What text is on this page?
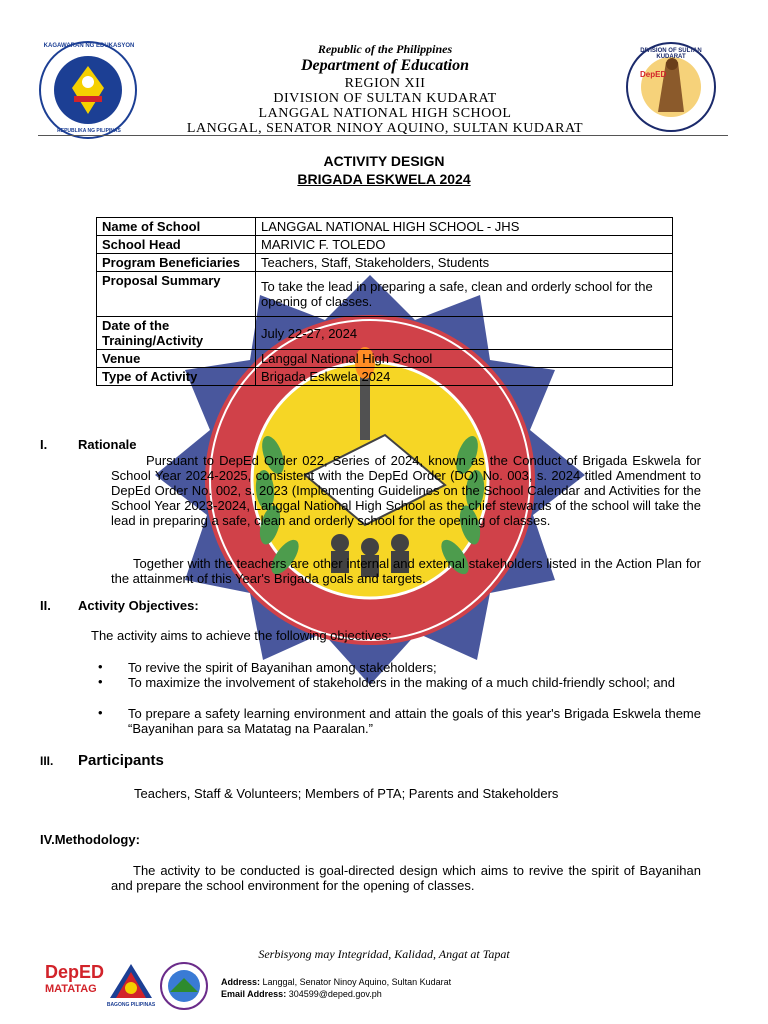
KAGAWARAN NG EDUKASYON
REPUBLIKA NG PILIPINAS
DIVISION OF SULTAN KUDARAT
DepED
Republic of the Philippines
Department of Education
REGION XII
DIVISION OF SULTAN KUDARAT
LANGGAL NATIONAL HIGH SCHOOL
LANGGAL, SENATOR NINOY AQUINO, SULTAN KUDARAT
ACTIVITY DESIGN
BRIGADA ESKWELA 2024
Name of School	LANGGAL NATIONAL HIGH SCHOOL - JHS
School Head	MARIVIC F. TOLEDO
Program Beneficiaries	Teachers, Staff, Stakeholders, Students
Proposal Summary	To take the lead in preparing a safe, clean and orderly school for the opening of classes.
Date of the Training/Activity	July 22-27, 2024
Venue	Langgal National High School
Type of Activity	Brigada Eskwela 2024
I. Rationale
Pursuant to DepEd Order 022, Series of 2024, known as the Conduct of Brigada Eskwela for School Year 2024-2025, consistent with the DepEd Order (DO) No. 003, s. 2024 titled Amendment to DepEd Order No. 002, s. 2023 (Implementing Guidelines on the School Calendar and Activities for the School Year 2023-2024, Langgal National High School as the chief stewards of the school will take the lead in preparing a safe, clean and orderly school for the opening of classes.
Together with the teachers are other internal and external stakeholders listed in the Action Plan for the attainment of this Year's Brigada goals and targets.
II. Activity Objectives:
The activity aims to achieve the following objectives:
• To revive the spirit of Bayanihan among stakeholders;
• To maximize the involvement of stakeholders in the making of a much child-friendly school; and
• To prepare a safety learning environment and attain the goals of this year's Brigada Eskwela theme “Bayanihan para sa Matatag na Paaralan.”
III. Participants
Teachers, Staff & Volunteers; Members of PTA; Parents and Stakeholders
IV.Methodology:
The activity to be conducted is goal-directed design which aims to revive the spirit of Bayanihan and prepare the school environment for the opening of classes.
Serbisyong may Integridad, Kalidad, Angat at Tapat
DepED
MATATAG
BAGONG PILIPINAS
Address: Langgal, Senator Ninoy Aquino, Sultan Kudarat
Email Address: 304599@deped.gov.ph
